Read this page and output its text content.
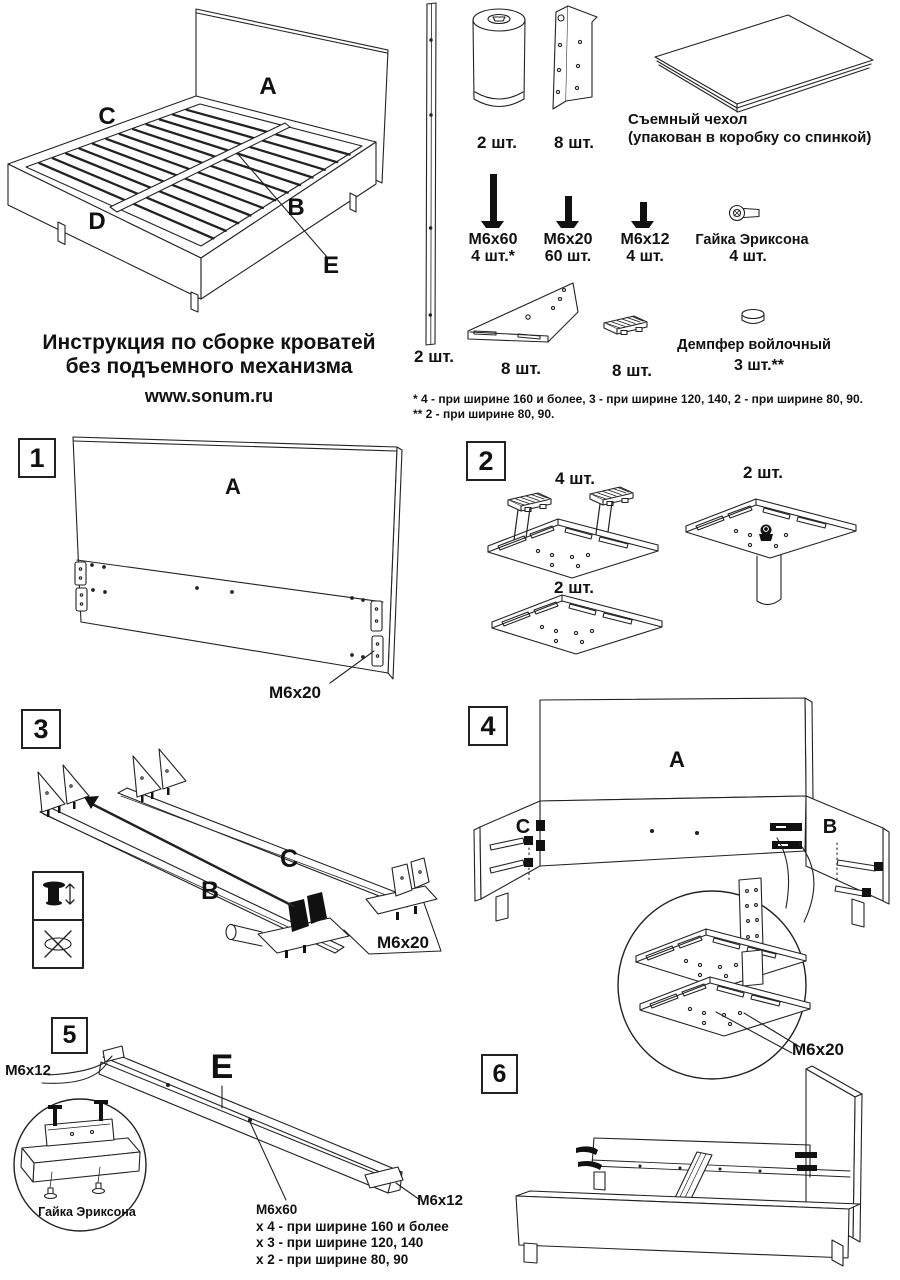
A
C
B
D
E
Инструкция по сборке кроватей
без подъемного механизма
www.sonum.ru
2 шт.
2 шт. 8 шт.
Съемный чехол
(упакован в коробку со спинкой)
M6x60
4 шт.*
M6x20
60 шт.
M6x12
4 шт.
Гайка Эриксона
4 шт.
8 шт.	8 шт.
Демпфер войлочный
3 шт.**
* 4 - при ширине 160 и более, 3 - при ширине 120, 140, 2 - при ширине 80, 90.
** 2 - при ширине 80, 90.
1	2
3	4
5
6
A
M6x20
4 шт.	2 шт.
2 шт.
B
C
M6x20
A
C	B
M6x20
M6x12	E
Гайка Эриксона	M6x60
x 4 - при ширине 160 и более
x 3 - при ширине 120, 140
x 2 - при ширине 80, 90
M6x12
